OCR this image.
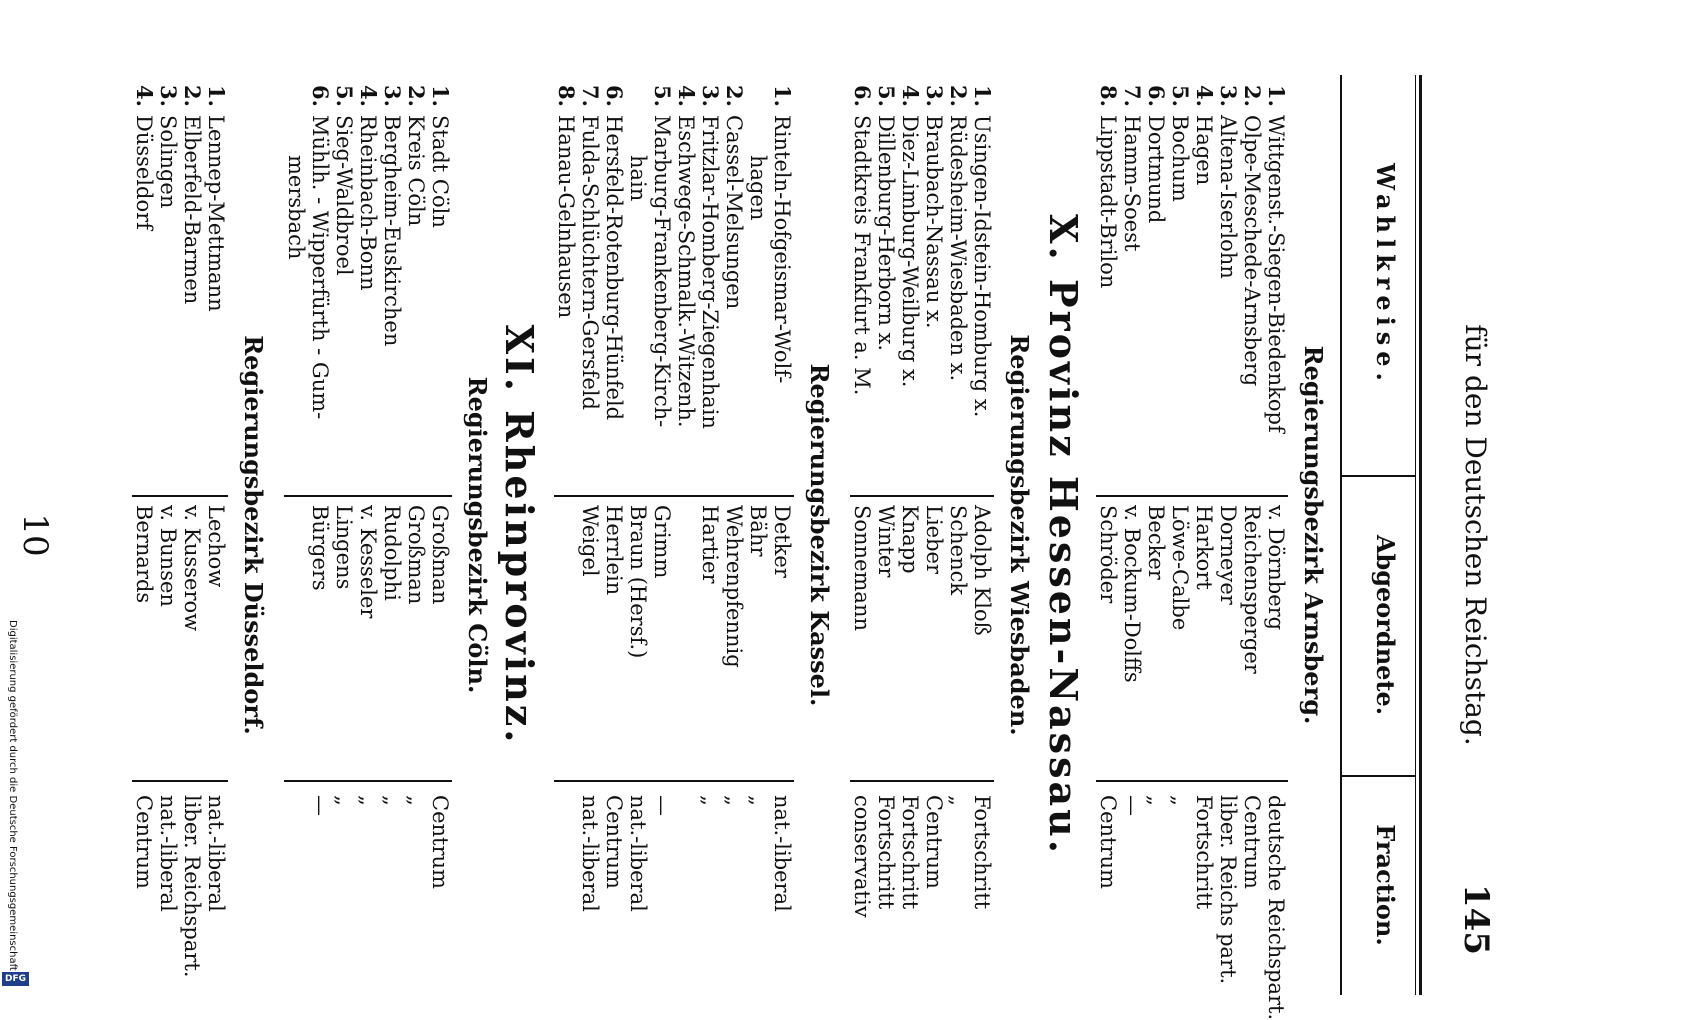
Digitalisierung gefördert durch die Deutsche Forschungsgemeinschaft
DFG
für den Deutschen Reichstag.
145
Wahlkreise.
Abgeordnete.
Fraction.
Regierungsbezirk Arnsberg.
1.
Wittgenst.-Siegen-Biedenkopf
v. Dörnberg
deutsche Reichspart.
2.
Olpe-Meschede-Arnsberg
Reichensperger
Centrum
3.
Altena-Iserlohn
Dorneyer
liber. Reichs part.
4.
Hagen
Harkort
Fortschritt
5.
Bochum
Löwe-Calbe
„
6.
Dortmund
Becker
„
7.
Hamm-Soest
v. Bockum-Dolffs
—
8.
Lippstadt-Brilon
Schröder
Centrum
X. Provinz Hessen-Nassau.
Regierungsbezirk Wiesbaden.
1.
Usingen-Idstein-Homburg x.
Adolph Kloß
Fortschritt
2.
Rüdesheim-Wiesbaden x.
Schenck
„
3.
Braubach-Nassau x.
Lieber
Centrum
4.
Diez-Limburg-Weilburg x.
Knapp
Fortschritt
5.
Dillenburg-Herborn x.
Winter
Fortschritt
6.
Stadtkreis Frankfurt a. M.
Sonnemann
conservativ
Regierungsbezirk Kassel.
1.
Rinteln-Hofgeismar-Wolf-
Detker
nat.-liberal
hagen
Bähr
„
2.
Cassel-Melsungen
Wehrenpfennig
„
3.
Fritzlar-Homberg-Ziegenhain
Hartier
„
4.
Eschwege-Schmalk.-Witzenh.
5.
Marburg-Frankenberg-Kirch-
Grimm
—
hain
Braun (Hersf.)
nat.-liberal
6.
Hersfeld-Rotenburg-Hünfeld
Herrlein
Centrum
7.
Fulda-Schlüchtern-Gersfeld
Weigel
nat.-liberal
8.
Hanau-Gelnhausen
XI. Rheinprovinz.
Regierungsbezirk Cöln.
1.
Stadt Cöln
Großman
Centrum
2.
Kreis Cöln
Großman
„
3.
Bergheim-Euskirchen
Rudolphi
„
4.
Rheinbach-Bonn
v. Kesseler
„
5.
Sieg-Waldbroel
Lingens
„
6.
Mühlh. - Wipperfürth - Gum-
Bürgers
—
mersbach
Regierungsbezirk Düsseldorf.
1.
Lennep-Mettmann
Lechow
nat.-liberal
2.
Elberfeld-Barmen
v. Kusserow
liber. Reichspart.
3.
Solingen
v. Bunsen
nat.-liberal
4.
Düsseldorf
Bernards
Centrum
10
